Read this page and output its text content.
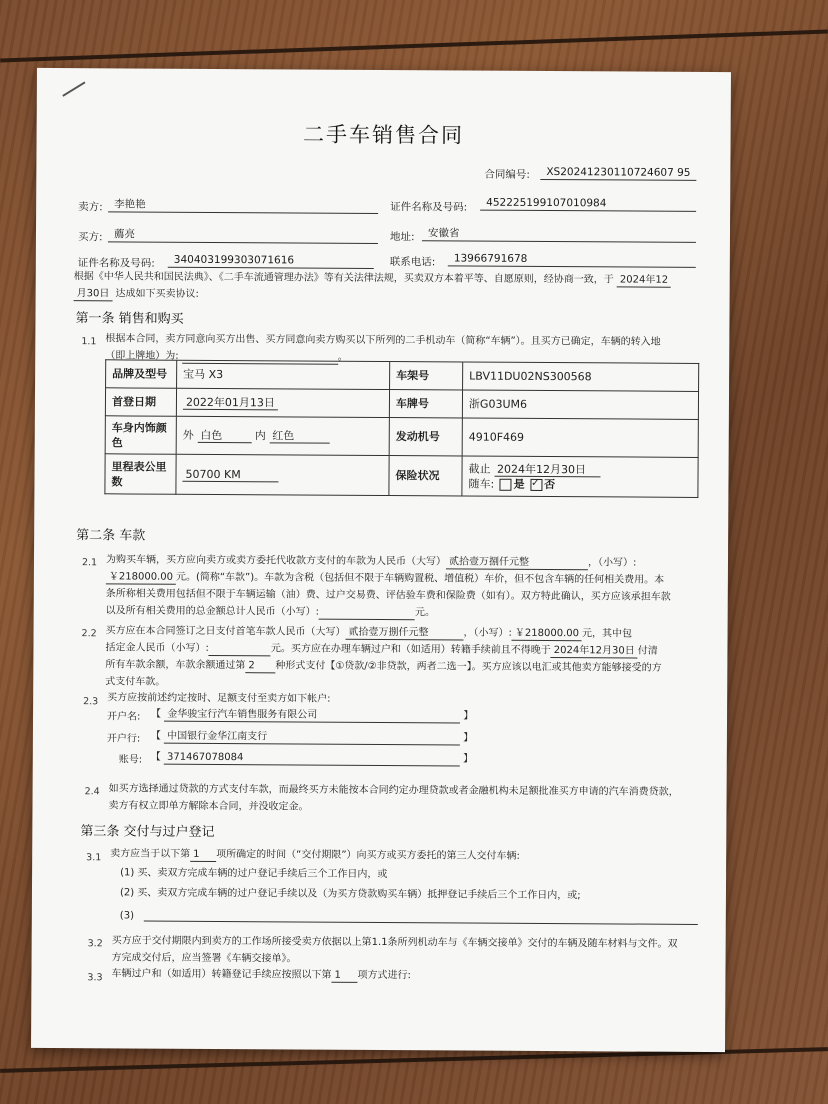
二手车销售合同
合同编号:	XS20241230110724607 95
卖方:	李艳艳	证件名称及号码:	452225199107010984
买方:	薦亮	地址:	安徽省
证件名称及号码:	340403199303071616	联系电话:	13966791678
根据《中华人民共和国民法典》、《二手车流通管理办法》等有关法律法规，买卖双方本着平等、自愿原则，经协商一致，于 2024年12
月30日 达成如下买卖协议:
第一条 销售和购买
1.1 根据本合同，卖方同意向买方出售、买方同意向卖方购买以下所列的二手机动车（简称“车辆”）。且买方已确定，车辆的转入地
（即上牌地）为:	。
品牌及型号	宝马 X3	车架号	LBV11DU02NS300568
首登日期	2022年01月13日	车牌号	浙G03UM6
车身内饰颜色	外 白色 内 红色	发动机号	4910F469
里程表公里数	50700 KM	保险状况	截止 2024年12月30日
随车: 是 ✓ 否
第二条 车款
2.1 为购买车辆，买方应向卖方或卖方委托代收款方支付的车款为人民币（大写） 贰拾壹万捌仟元整	，（小写）:
￥218000.00 元。(简称“车款”)。车款为含税（包括但不限于车辆购置税、增值税）车价，但不包含车辆的任何相关费用。本
条所称相关费用包括但不限于车辆运输（油）费、过户交易费、评估验车费和保险费（如有）。双方特此确认，买方应该承担车款
以及所有相关费用的总金额总计人民币（小写）:	元。
2.2 买方应在本合同签订之日支付首笔车款人民币（大写） 贰拾壹万捌仟元整	，（小写）: ￥218000.00 元，其中包
括定金人民币（小写）:	元。买方应在办理车辆过户和（如适用）转籍手续前且不得晚于 2024年12月30日 付清
所有车款余额，车款余额通过第 2 种形式支付【①贷款/②非贷款，两者二选一】。买方应该以电汇或其他卖方能够接受的方
式支付车款。
2.3 买方应按前述约定按时、足额支付至卖方如下帐户:
开户名: 【 金华骏宝行汽车销售服务有限公司	】
开户行: 【 中国银行金华江南支行	】
账号: 【 371467078084	】
2.4 如买方选择通过贷款的方式支付车款，而最终买方未能按本合同约定办理贷款或者金融机构未足额批准买方申请的汽车消费贷款，
卖方有权立即单方解除本合同，并没收定金。
第三条 交付与过户登记
3.1 卖方应当于以下第 1 项所确定的时间（“交付期限”）向买方或买方委托的第三人交付车辆:
(1) 买、卖双方完成车辆的过户登记手续后三个工作日内，或
(2) 买、卖双方完成车辆的过户登记手续以及（为买方贷款购买车辆）抵押登记手续后三个工作日内，或;
(3)
3.2 买方应于交付期限内到卖方的工作场所接受卖方依据以上第1.1条所列机动车与《车辆交接单》交付的车辆及随车材料与文件。双
方完成交付后，应当签署《车辆交接单》。
3.3 车辆过户和（如适用）转籍登记手续应按照以下第 1 项方式进行:
